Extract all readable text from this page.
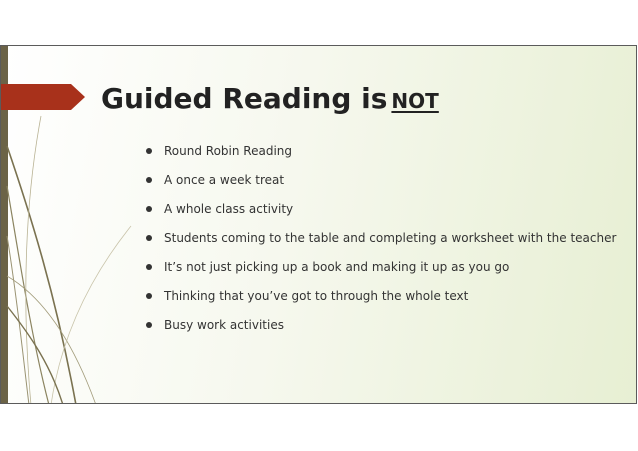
Guided Reading is NOT
Round Robin Reading
A once a week treat
A whole class activity
Students coming to the table and completing a worksheet with the teacher
It’s not just picking up a book and making it up as you go
Thinking that you’ve got to through the whole text
Busy work activities
